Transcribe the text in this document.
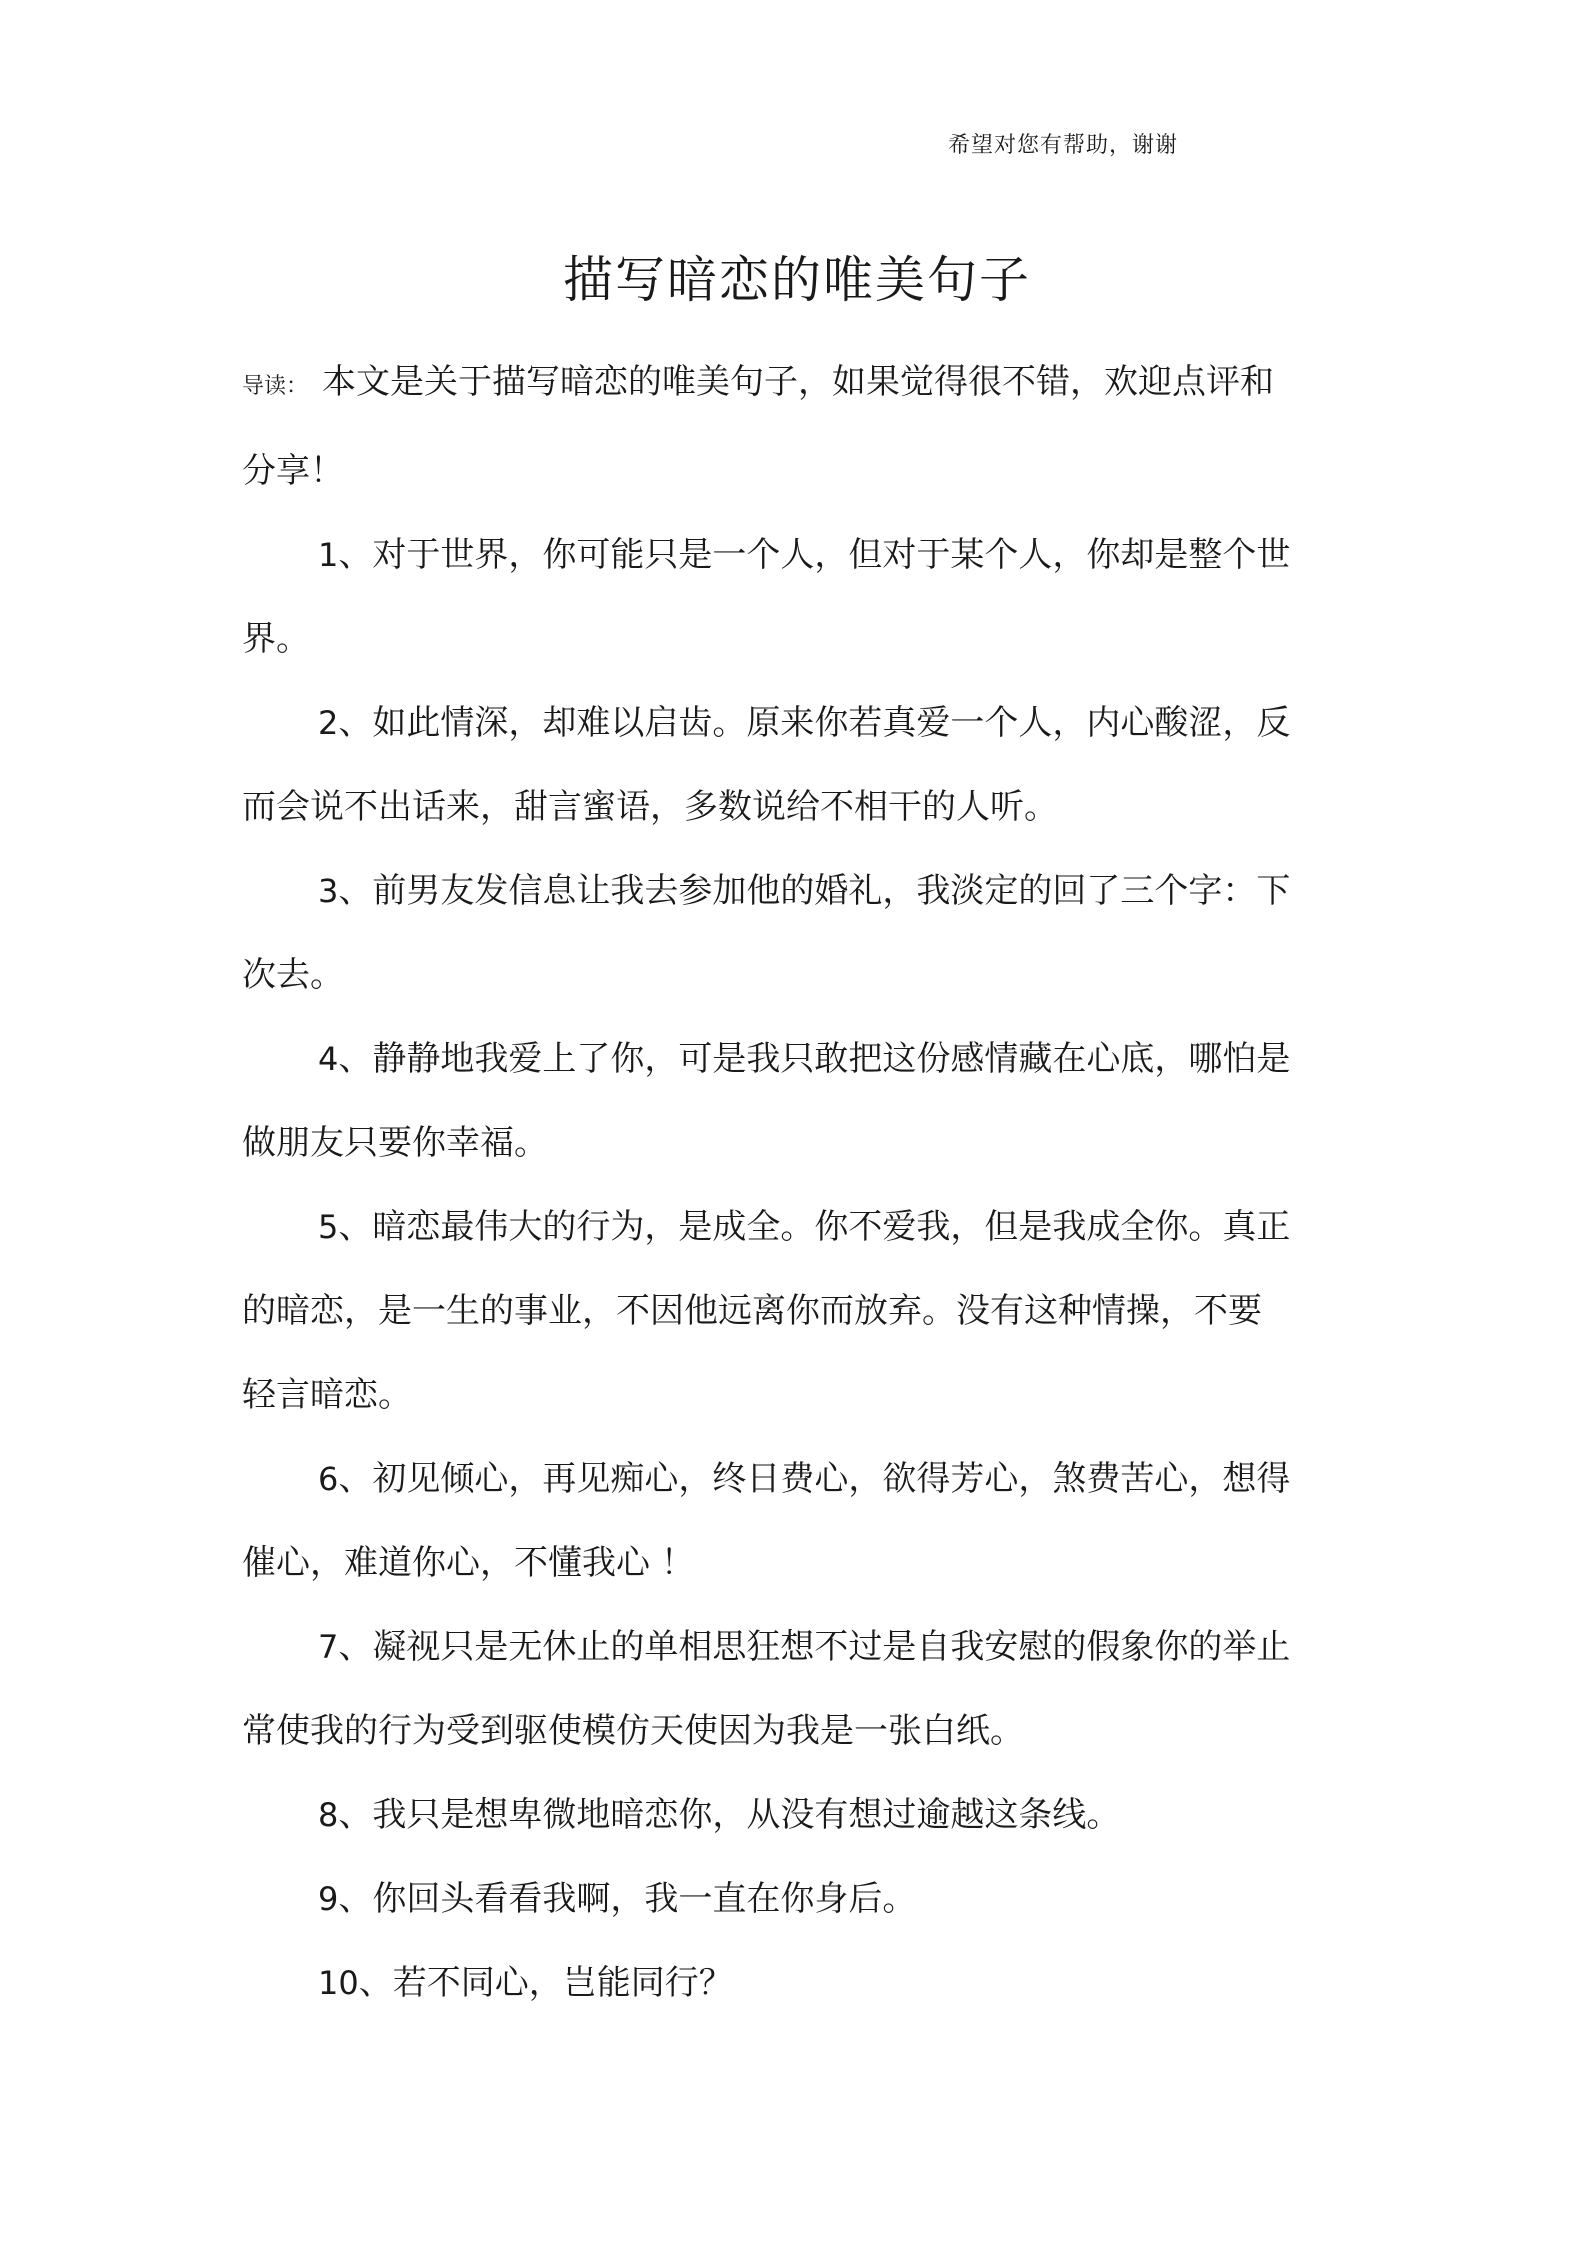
希望对您有帮助，谢谢
描写暗恋的唯美句子

导读： 本文是关于描写暗恋的唯美句子，如果觉得很不错，欢迎点评和分享！

1、对于世界，你可能只是一个人，但对于某个人，你却是整个世界。

2、如此情深，却难以启齿。原来你若真爱一个人，内心酸涩，反而会说不出话来，甜言蜜语，多数说给不相干的人听。

3、前男友发信息让我去参加他的婚礼，我淡定的回了三个字：下次去。

4、静静地我爱上了你，可是我只敢把这份感情藏在心底，哪怕是做朋友只要你幸福。

5、暗恋最伟大的行为，是成全。你不爱我，但是我成全你。真正的暗恋，是一生的事业，不因他远离你而放弃。没有这种情操，不要轻言暗恋。

6、初见倾心，再见痴心，终日费心，欲得芳心，煞费苦心，想得催心，难道你心，不懂我心 ！

7、凝视只是无休止的单相思狂想不过是自我安慰的假象你的举止常使我的行为受到驱使模仿天使因为我是一张白纸。

8、我只是想卑微地暗恋你，从没有想过逾越这条线。

9、你回头看看我啊，我一直在你身后。

10、若不同心，岂能同行？
